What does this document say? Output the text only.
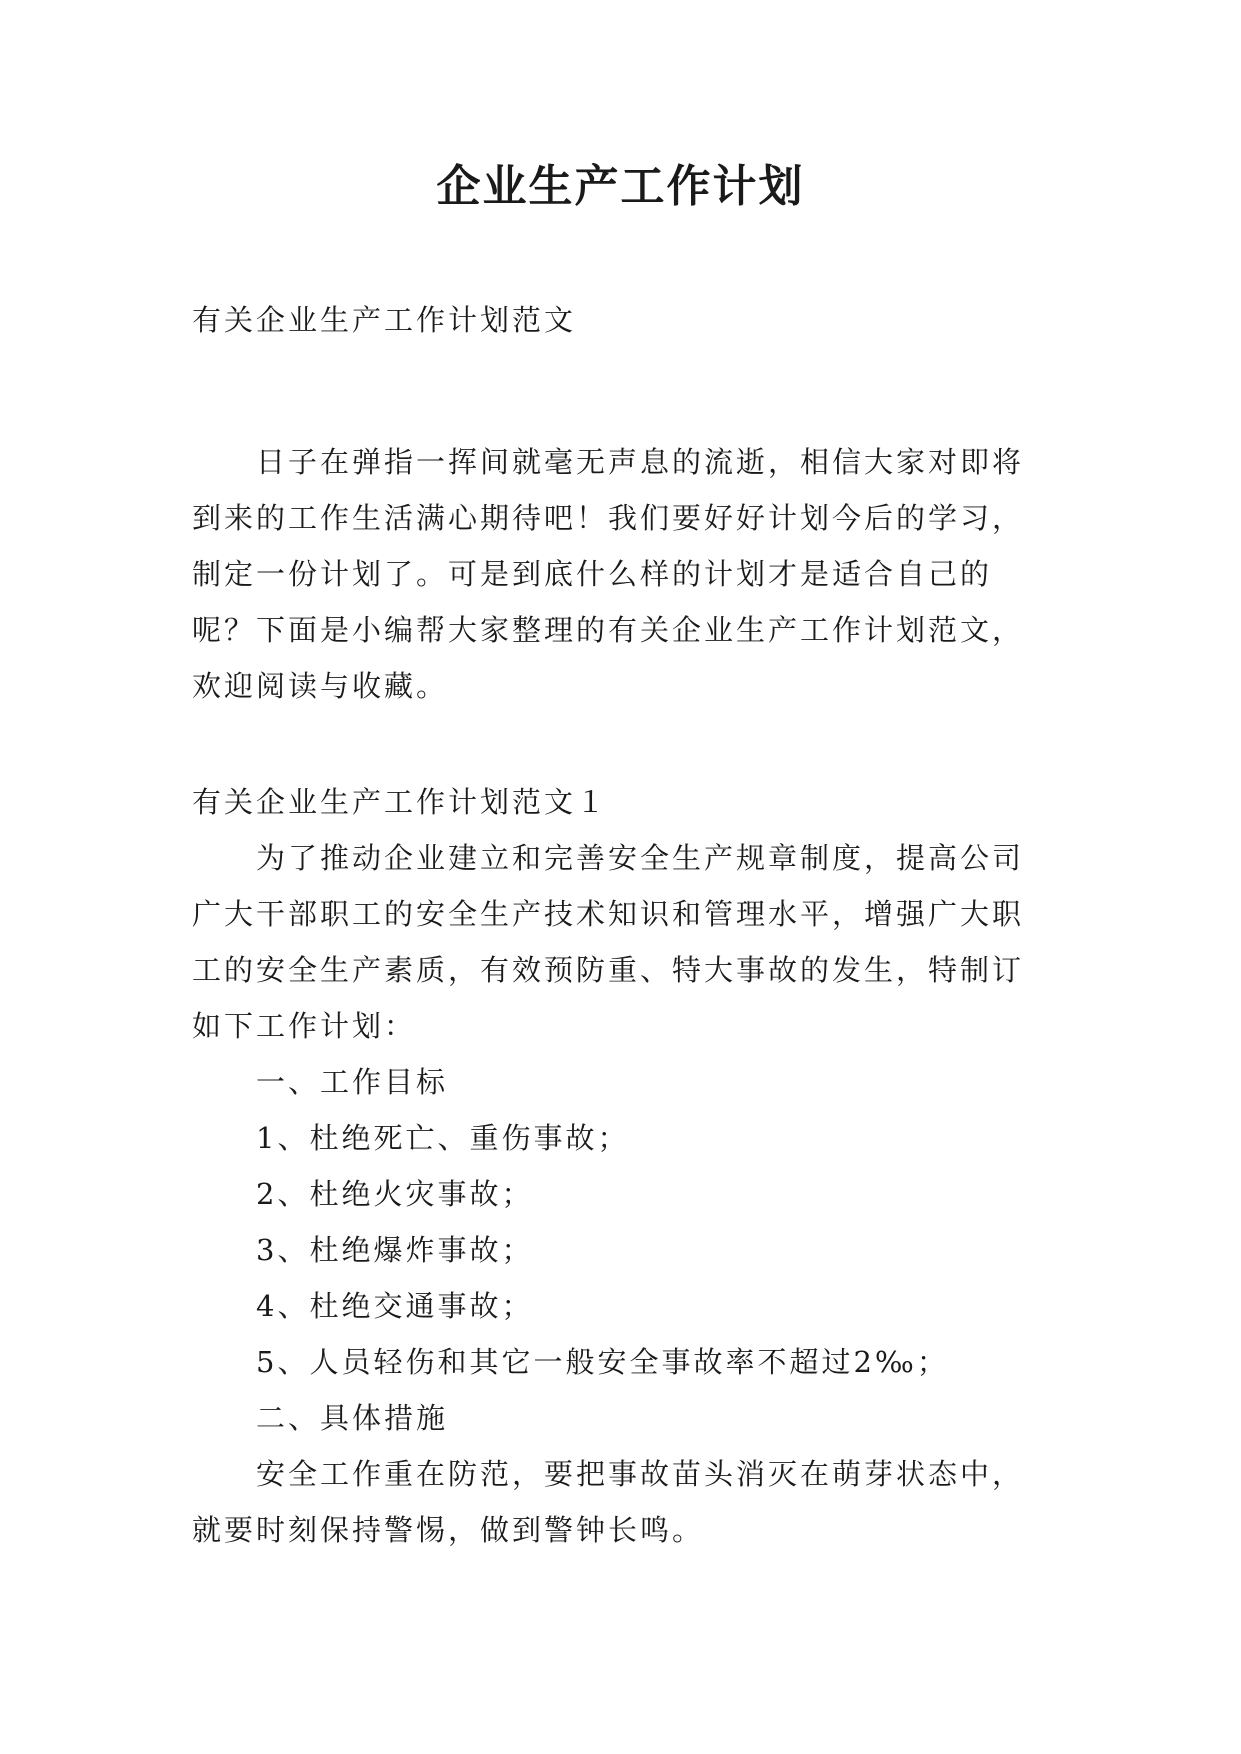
企业生产工作计划
有关企业生产工作计划范文
日子在弹指一挥间就毫无声息的流逝，相信大家对即将
到来的工作生活满心期待吧！我们要好好计划今后的学习，
制定一份计划了。可是到底什么样的计划才是适合自己的
呢？下面是小编帮大家整理的有关企业生产工作计划范文，
欢迎阅读与收藏。
有关企业生产工作计划范文１
为了推动企业建立和完善安全生产规章制度，提高公司
广大干部职工的安全生产技术知识和管理水平，增强广大职
工的安全生产素质，有效预防重、特大事故的发生，特制订
如下工作计划：
一、工作目标
1、杜绝死亡、重伤事故；
2、杜绝火灾事故；
3、杜绝爆炸事故；
4、杜绝交通事故；
5、人员轻伤和其它一般安全事故率不超过2‰；
二、具体措施
安全工作重在防范，要把事故苗头消灭在萌芽状态中，
就要时刻保持警惕，做到警钟长鸣。
